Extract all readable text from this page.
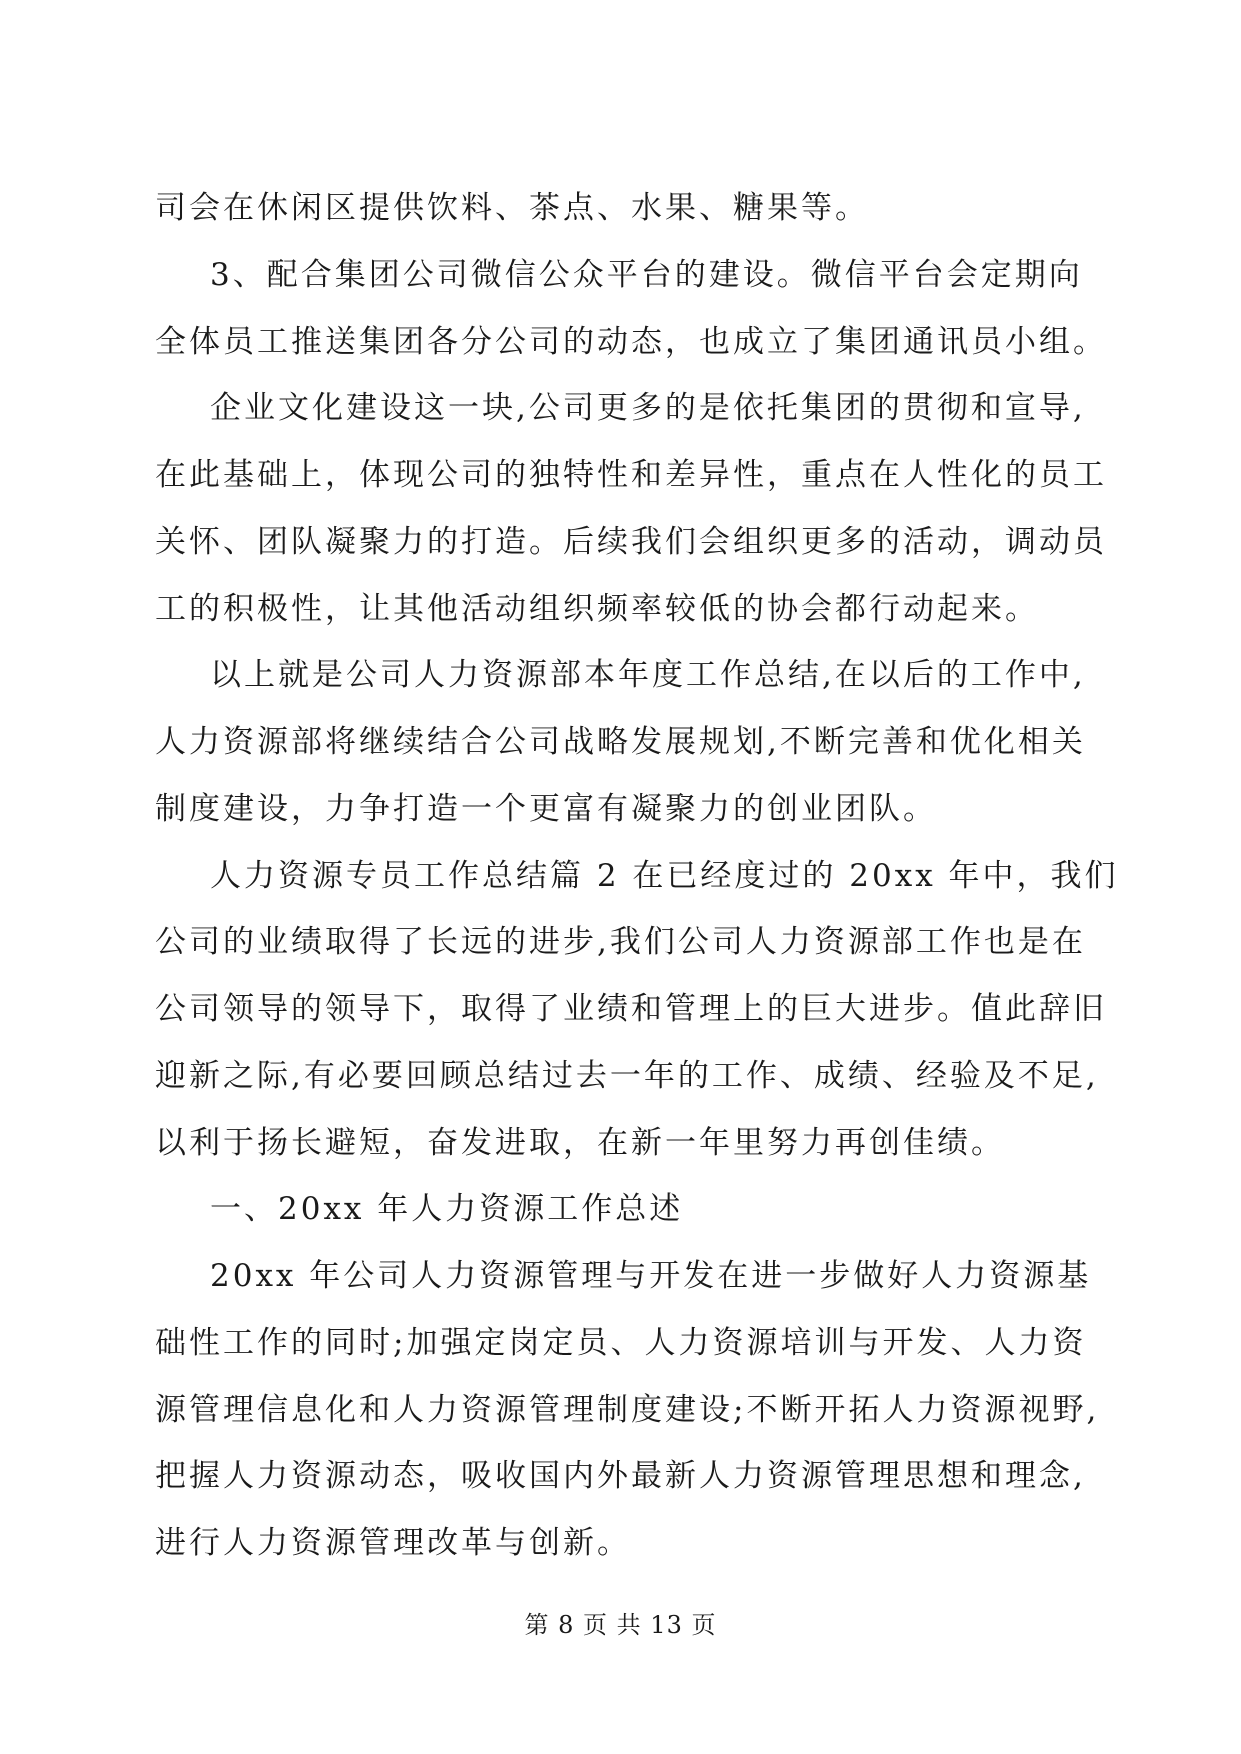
司会在休闲区提供饮料、茶点、水果、糖果等。
3、配合集团公司微信公众平台的建设。微信平台会定期向
全体员工推送集团各分公司的动态，也成立了集团通讯员小组。
企业文化建设这一块,公司更多的是依托集团的贯彻和宣导,
在此基础上，体现公司的独特性和差异性，重点在人性化的员工
关怀、团队凝聚力的打造。后续我们会组织更多的活动，调动员
工的积极性，让其他活动组织频率较低的协会都行动起来。
以上就是公司人力资源部本年度工作总结,在以后的工作中,
人力资源部将继续结合公司战略发展规划,不断完善和优化相关
制度建设，力争打造一个更富有凝聚力的创业团队。
人力资源专员工作总结篇 2 在已经度过的 20xx 年中，我们
公司的业绩取得了长远的进步,我们公司人力资源部工作也是在
公司领导的领导下，取得了业绩和管理上的巨大进步。值此辞旧
迎新之际,有必要回顾总结过去一年的工作、成绩、经验及不足,
以利于扬长避短，奋发进取，在新一年里努力再创佳绩。
一、20xx 年人力资源工作总述
20xx 年公司人力资源管理与开发在进一步做好人力资源基
础性工作的同时;加强定岗定员、人力资源培训与开发、人力资
源管理信息化和人力资源管理制度建设;不断开拓人力资源视野,
把握人力资源动态，吸收国内外最新人力资源管理思想和理念,
进行人力资源管理改革与创新。
第 8 页 共 13 页
